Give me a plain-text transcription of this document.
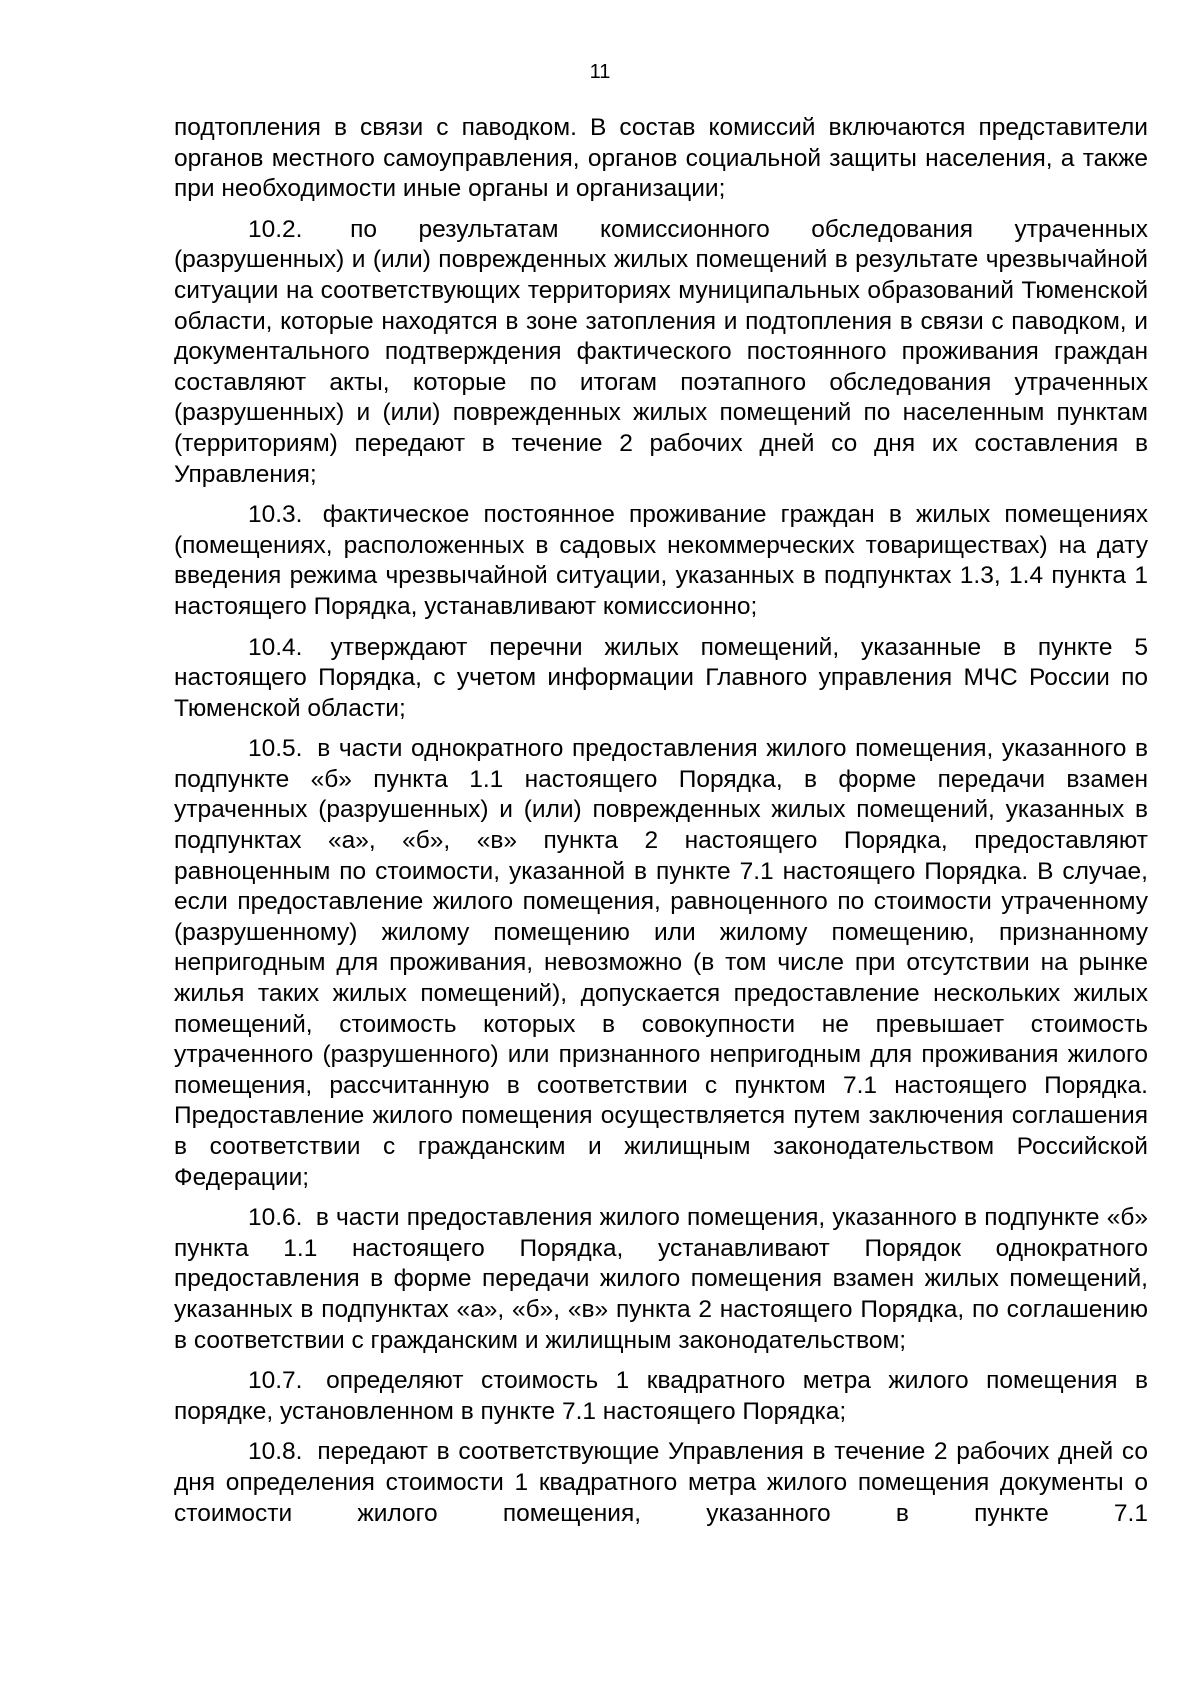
11

подтопления в связи с паводком. В состав комиссий включаются представители органов местного самоуправления, органов социальной защиты населения, а также при необходимости иные органы и организации;

10.2. по результатам комиссионного обследования утраченных (разрушенных) и (или) поврежденных жилых помещений в результате чрезвычайной ситуации на соответствующих территориях муниципальных образований Тюменской области, которые находятся в зоне затопления и подтопления в связи с паводком, и документального подтверждения фактического постоянного проживания граждан составляют акты, которые по итогам поэтапного обследования утраченных (разрушенных) и (или) поврежденных жилых помещений по населенным пунктам (территориям) передают в течение 2 рабочих дней со дня их составления в Управления;

10.3. фактическое постоянное проживание граждан в жилых помещениях (помещениях, расположенных в садовых некоммерческих товариществах) на дату введения режима чрезвычайной ситуации, указанных в подпунктах 1.3, 1.4 пункта 1 настоящего Порядка, устанавливают комиссионно;

10.4. утверждают перечни жилых помещений, указанные в пункте 5 настоящего Порядка, с учетом информации Главного управления МЧС России по Тюменской области;

10.5. в части однократного предоставления жилого помещения, указанного в подпункте «б» пункта 1.1 настоящего Порядка, в форме передачи взамен утраченных (разрушенных) и (или) поврежденных жилых помещений, указанных в подпунктах «а», «б», «в» пункта 2 настоящего Порядка, предоставляют равноценным по стоимости, указанной в пункте 7.1 настоящего Порядка. В случае, если предоставление жилого помещения, равноценного по стоимости утраченному (разрушенному) жилому помещению или жилому помещению, признанному непригодным для проживания, невозможно (в том числе при отсутствии на рынке жилья таких жилых помещений), допускается предоставление нескольких жилых помещений, стоимость которых в совокупности не превышает стоимость утраченного (разрушенного) или признанного непригодным для проживания жилого помещения, рассчитанную в соответствии с пунктом 7.1 настоящего Порядка. Предоставление жилого помещения осуществляется путем заключения соглашения в соответствии с гражданским и жилищным законодательством Российской Федерации;

10.6. в части предоставления жилого помещения, указанного в подпункте «б» пункта 1.1 настоящего Порядка, устанавливают Порядок однократного предоставления в форме передачи жилого помещения взамен жилых помещений, указанных в подпунктах «а», «б», «в» пункта 2 настоящего Порядка, по соглашению в соответствии с гражданским и жилищным законодательством;

10.7. определяют стоимость 1 квадратного метра жилого помещения в порядке, установленном в пункте 7.1 настоящего Порядка;

10.8. передают в соответствующие Управления в течение 2 рабочих дней со дня определения стоимости 1 квадратного метра жилого помещения документы о стоимости жилого помещения, указанного в пункте 7.1
